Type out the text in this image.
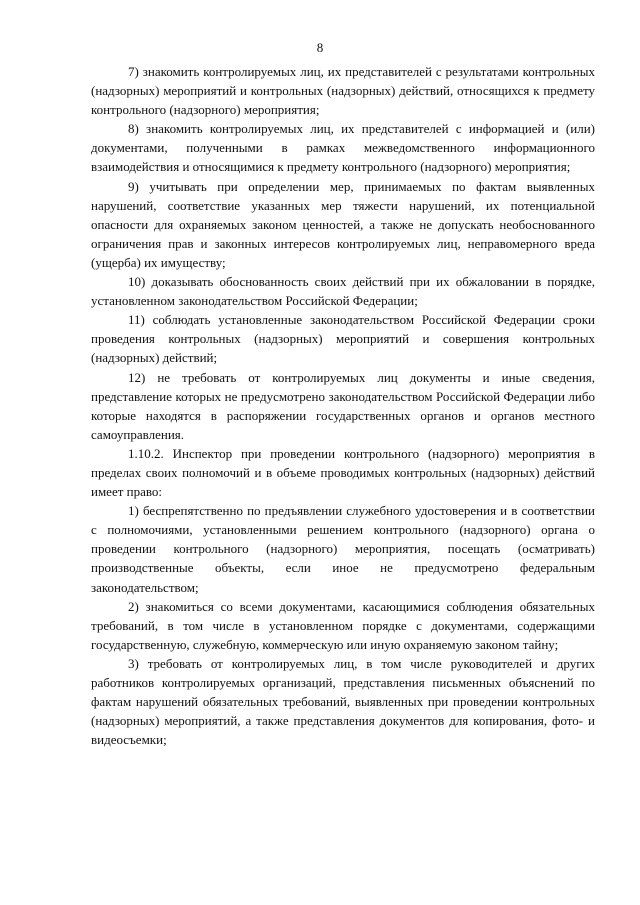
8

7) знакомить контролируемых лиц, их представителей с результатами контрольных (надзорных) мероприятий и контрольных (надзорных) действий, относящихся к предмету контрольного (надзорного) мероприятия;

8) знакомить контролируемых лиц, их представителей с информацией и (или) документами, полученными в рамках межведомственного информационного взаимодействия и относящимися к предмету контрольного (надзорного) мероприятия;

9) учитывать при определении мер, принимаемых по фактам выявленных нарушений, соответствие указанных мер тяжести нарушений, их потенциальной опасности для охраняемых законом ценностей, а также не допускать необоснованного ограничения прав и законных интересов контролируемых лиц, неправомерного вреда (ущерба) их имуществу;

10) доказывать обоснованность своих действий при их обжаловании в порядке, установленном законодательством Российской Федерации;

11) соблюдать установленные законодательством Российской Федерации сроки проведения контрольных (надзорных) мероприятий и совершения контрольных (надзорных) действий;

12) не требовать от контролируемых лиц документы и иные сведения, представление которых не предусмотрено законодательством Российской Федерации либо которые находятся в распоряжении государственных органов и органов местного самоуправления.

1.10.2. Инспектор при проведении контрольного (надзорного) мероприятия в пределах своих полномочий и в объеме проводимых контрольных (надзорных) действий имеет право:

1) беспрепятственно по предъявлении служебного удостоверения и в соответствии с полномочиями, установленными решением контрольного (надзорного) органа о проведении контрольного (надзорного) мероприятия, посещать (осматривать) производственные объекты, если иное не предусмотрено федеральным законодательством;

2) знакомиться со всеми документами, касающимися соблюдения обязательных требований, в том числе в установленном порядке с документами, содержащими государственную, служебную, коммерческую или иную охраняемую законом тайну;

3) требовать от контролируемых лиц, в том числе руководителей и других работников контролируемых организаций, представления письменных объяснений по фактам нарушений обязательных требований, выявленных при проведении контрольных (надзорных) мероприятий, а также представления документов для копирования, фото- и видеосъемки;
